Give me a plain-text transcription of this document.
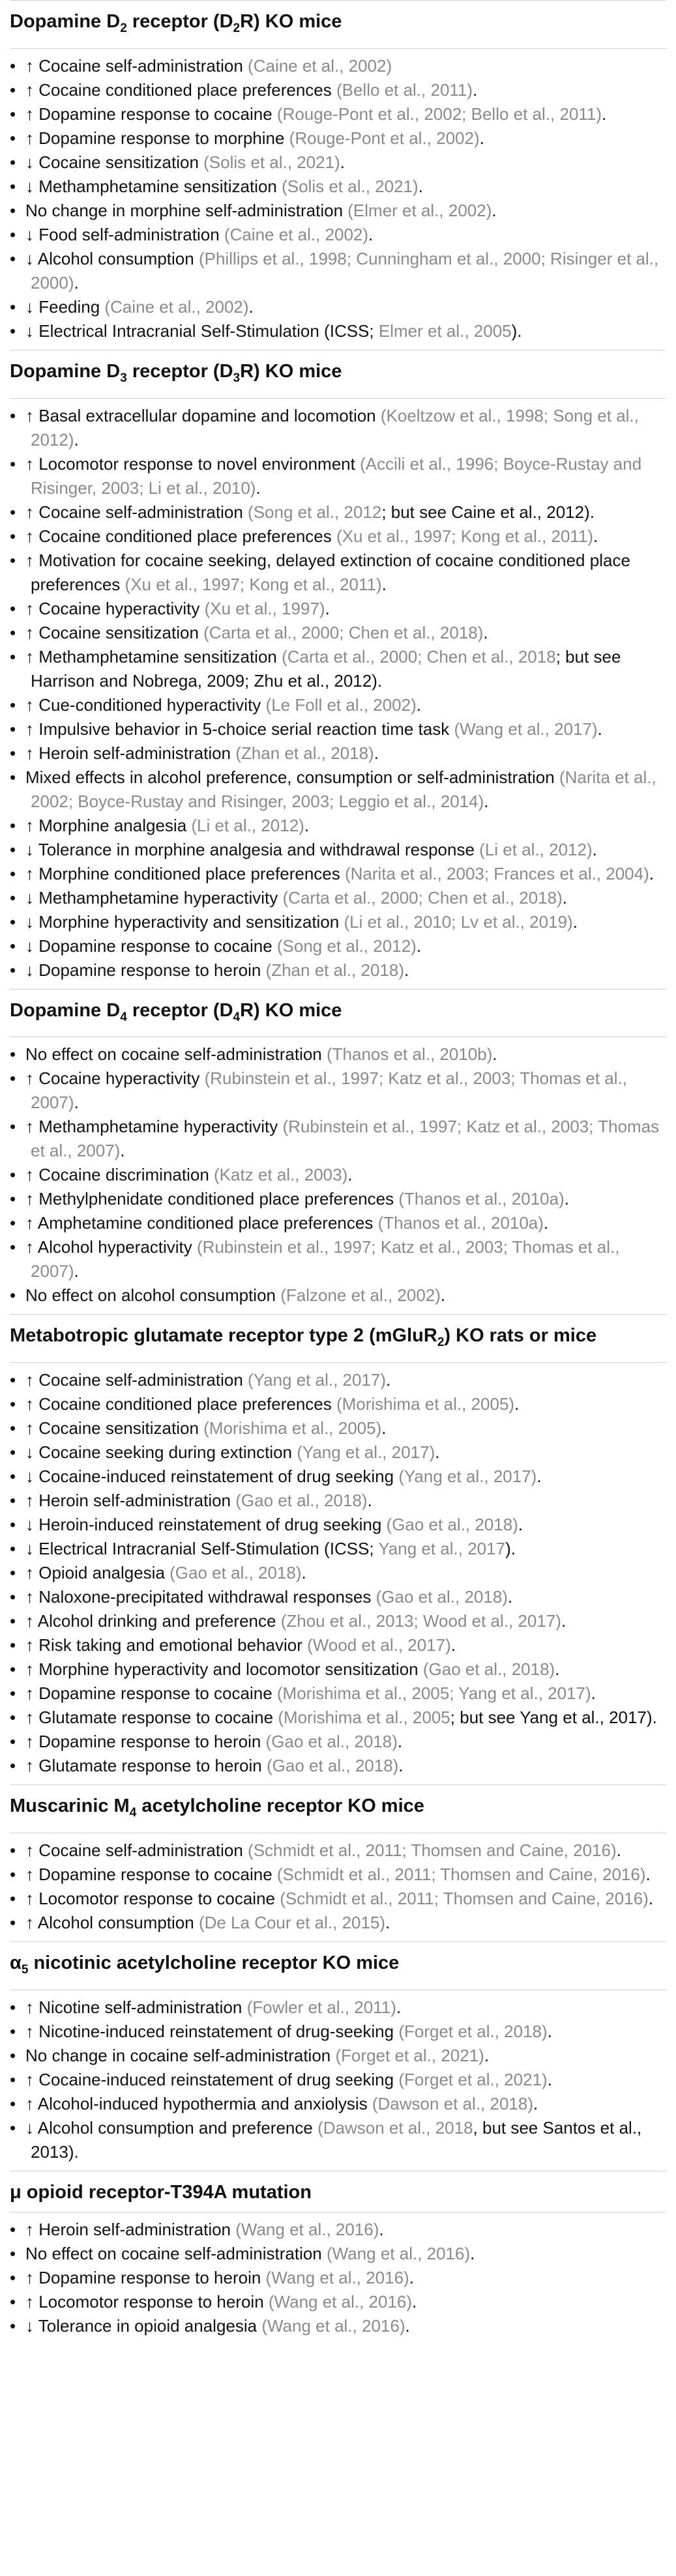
Dopamine $D_2$ receptor $(D_2R)$ KO mice
• ↑ Cocaine self-administration (Caine et al., 2002)
• ↑ Cocaine conditioned place preferences (Bello et al., 2011).
• ↑ Dopamine response to cocaine (Rouge-Pont et al., 2002; Bello et al., 2011).
• ↑ Dopamine response to morphine (Rouge-Pont et al., 2002).
• ↓ Cocaine sensitization (Solis et al., 2021).
• ↓ Methamphetamine sensitization (Solis et al., 2021).
• No change in morphine self-administration (Elmer et al., 2002).
• ↓ Food self-administration (Caine et al., 2002).
• ↓ Alcohol consumption (Phillips et al., 1998; Cunningham et al., 2000; Risinger et al., 2000).
• ↓ Feeding (Caine et al., 2002).
• ↓ Electrical Intracranial Self-Stimulation (ICSS; Elmer et al., 2005).
Dopamine $D_3$ receptor $(D_3R)$ KO mice
• ↑ Basal extracellular dopamine and locomotion (Koeltzow et al., 1998; Song et al., 2012).
• ↑ Locomotor response to novel environment (Accili et al., 1996; Boyce-Rustay and Risinger, 2003; Li et al., 2010).
• ↑ Cocaine self-administration (Song et al., 2012; but see Caine et al., 2012).
• ↑ Cocaine conditioned place preferences (Xu et al., 1997; Kong et al., 2011).
• ↑ Motivation for cocaine seeking, delayed extinction of cocaine conditioned place preferences (Xu et al., 1997; Kong et al., 2011).
• ↑ Cocaine hyperactivity (Xu et al., 1997).
• ↑ Cocaine sensitization (Carta et al., 2000; Chen et al., 2018).
• ↑ Methamphetamine sensitization (Carta et al., 2000; Chen et al., 2018; but see Harrison and Nobrega, 2009; Zhu et al., 2012).
• ↑ Cue-conditioned hyperactivity (Le Foll et al., 2002).
• ↑ Impulsive behavior in 5-choice serial reaction time task (Wang et al., 2017).
• ↑ Heroin self-administration (Zhan et al., 2018).
• Mixed effects in alcohol preference, consumption or self-administration (Narita et al., 2002; Boyce-Rustay and Risinger, 2003; Leggio et al., 2014).
• ↑ Morphine analgesia (Li et al., 2012).
• ↓ Tolerance in morphine analgesia and withdrawal response (Li et al., 2012).
• ↑ Morphine conditioned place preferences (Narita et al., 2003; Frances et al., 2004).
• ↓ Methamphetamine hyperactivity (Carta et al., 2000; Chen et al., 2018).
• ↓ Morphine hyperactivity and sensitization (Li et al., 2010; Lv et al., 2019).
• ↓ Dopamine response to cocaine (Song et al., 2012).
• ↓ Dopamine response to heroin (Zhan et al., 2018).
Dopamine $D_4$ receptor $(D_4R)$ KO mice
• No effect on cocaine self-administration (Thanos et al., 2010b).
• ↑ Cocaine hyperactivity (Rubinstein et al., 1997; Katz et al., 2003; Thomas et al., 2007).
• ↑ Methamphetamine hyperactivity (Rubinstein et al., 1997; Katz et al., 2003; Thomas et al., 2007).
• ↑ Cocaine discrimination (Katz et al., 2003).
• ↑ Methylphenidate conditioned place preferences (Thanos et al., 2010a).
• ↑ Amphetamine conditioned place preferences (Thanos et al., 2010a).
• ↑ Alcohol hyperactivity (Rubinstein et al., 1997; Katz et al., 2003; Thomas et al., 2007).
• No effect on alcohol consumption (Falzone et al., 2002).
Metabotropic glutamate receptor type 2 (mGluR$_2$) KO rats or mice
• ↑ Cocaine self-administration (Yang et al., 2017).
• ↑ Cocaine conditioned place preferences (Morishima et al., 2005).
• ↑ Cocaine sensitization (Morishima et al., 2005).
• ↓ Cocaine seeking during extinction (Yang et al., 2017).
• ↓ Cocaine-induced reinstatement of drug seeking (Yang et al., 2017).
• ↑ Heroin self-administration (Gao et al., 2018).
• ↓ Heroin-induced reinstatement of drug seeking (Gao et al., 2018).
• ↓ Electrical Intracranial Self-Stimulation (ICSS; Yang et al., 2017).
• ↑ Opioid analgesia (Gao et al., 2018).
• ↑ Naloxone-precipitated withdrawal responses (Gao et al., 2018).
• ↑ Alcohol drinking and preference (Zhou et al., 2013; Wood et al., 2017).
• ↑ Risk taking and emotional behavior (Wood et al., 2017).
• ↑ Morphine hyperactivity and locomotor sensitization (Gao et al., 2018).
• ↑ Dopamine response to cocaine (Morishima et al., 2005; Yang et al., 2017).
• ↑ Glutamate response to cocaine (Morishima et al., 2005; but see Yang et al., 2017).
• ↑ Dopamine response to heroin (Gao et al., 2018).
• ↑ Glutamate response to heroin (Gao et al., 2018).
Muscarinic $M_4$ acetylcholine receptor KO mice
• ↑ Cocaine self-administration (Schmidt et al., 2011; Thomsen and Caine, 2016).
• ↑ Dopamine response to cocaine (Schmidt et al., 2011; Thomsen and Caine, 2016).
• ↑ Locomotor response to cocaine (Schmidt et al., 2011; Thomsen and Caine, 2016).
• ↑ Alcohol consumption (De La Cour et al., 2015).
$\alpha_5$ nicotinic acetylcholine receptor KO mice
• ↑ Nicotine self-administration (Fowler et al., 2011).
• ↑ Nicotine-induced reinstatement of drug-seeking (Forget et al., 2018).
• No change in cocaine self-administration (Forget et al., 2021).
• ↑ Cocaine-induced reinstatement of drug seeking (Forget et al., 2021).
• ↑ Alcohol-induced hypothermia and anxiolysis (Dawson et al., 2018).
• ↓ Alcohol consumption and preference (Dawson et al., 2018, but see Santos et al., 2013).
μ opioid receptor-T394A mutation
• ↑ Heroin self-administration (Wang et al., 2016).
• No effect on cocaine self-administration (Wang et al., 2016).
• ↑ Dopamine response to heroin (Wang et al., 2016).
• ↑ Locomotor response to heroin (Wang et al., 2016).
• ↓ Tolerance in opioid analgesia (Wang et al., 2016).
